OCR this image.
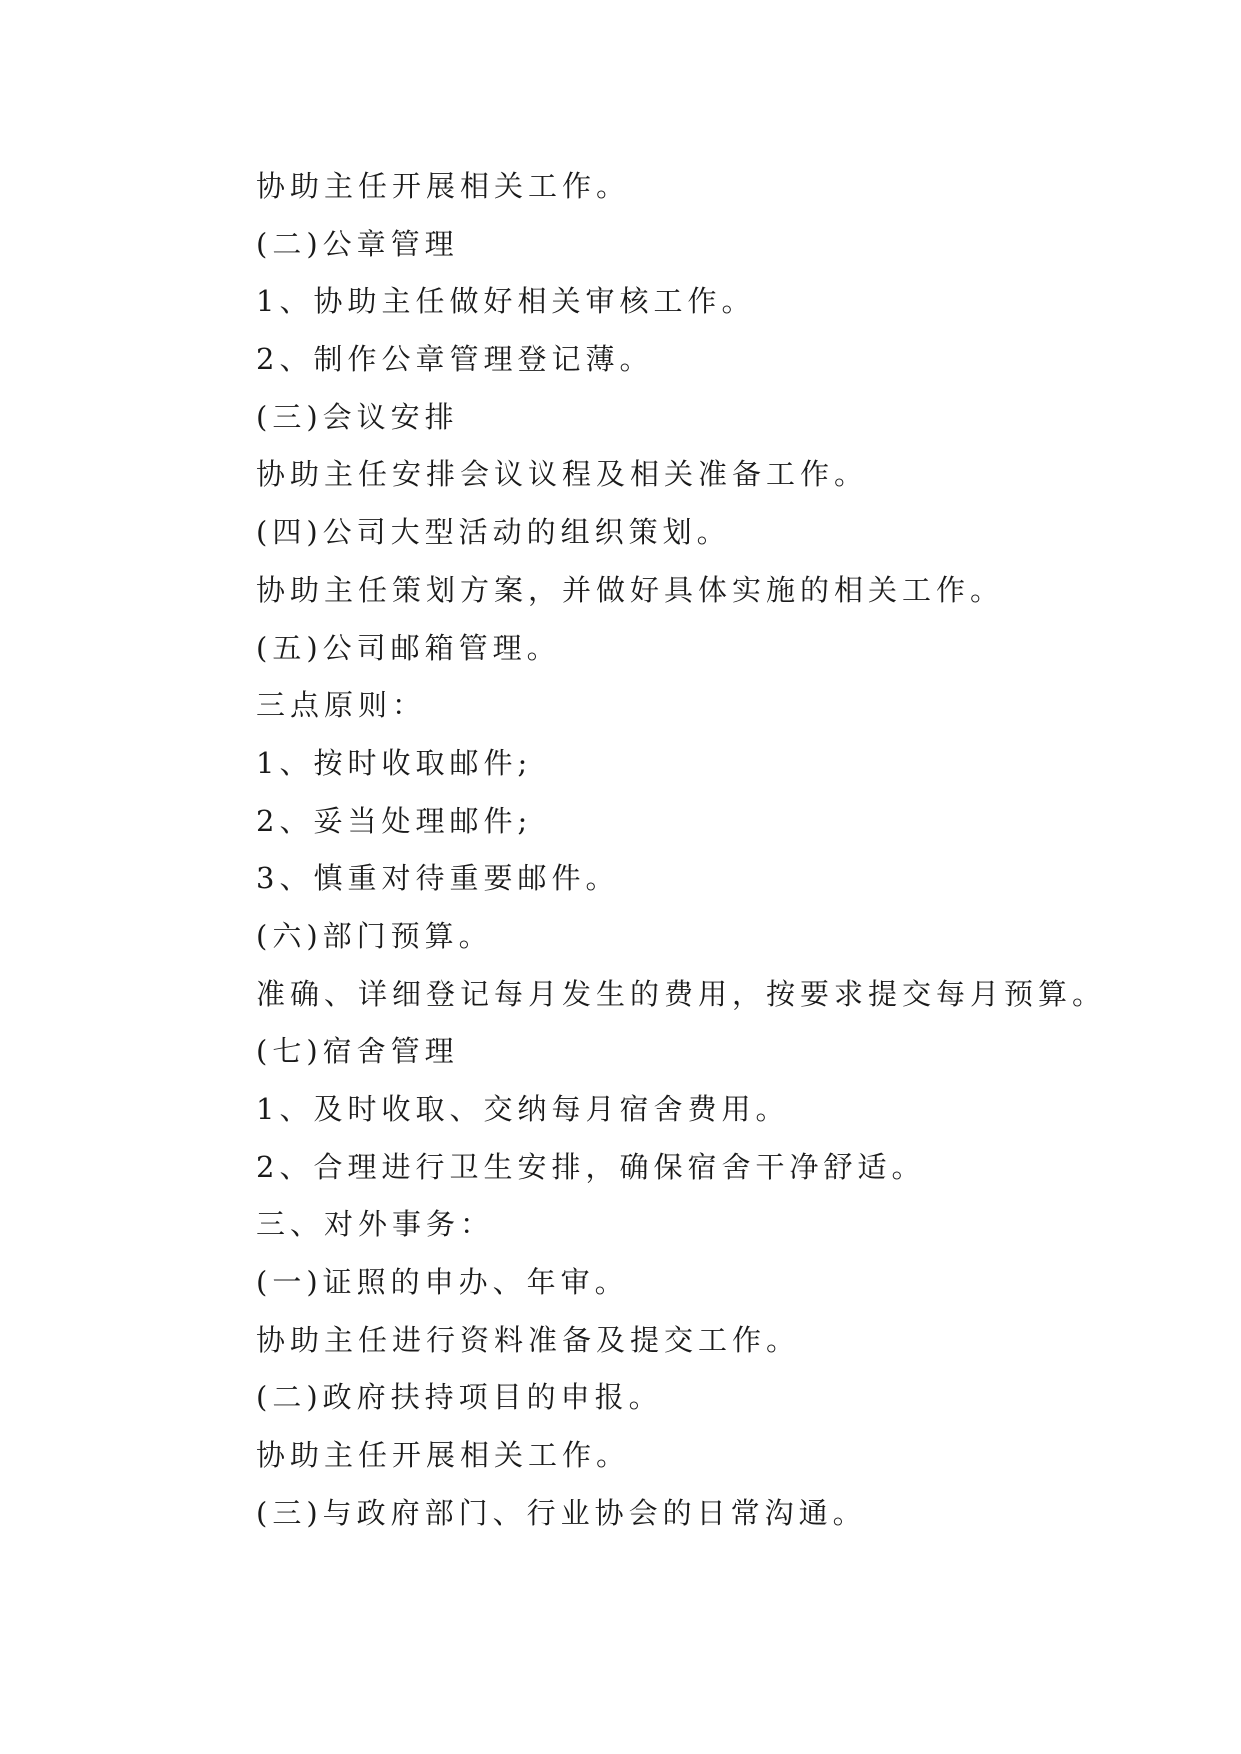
协助主任开展相关工作。
(二)公章管理
1、协助主任做好相关审核工作。
2、制作公章管理登记薄。
(三)会议安排
协助主任安排会议议程及相关准备工作。
(四)公司大型活动的组织策划。
协助主任策划方案，并做好具体实施的相关工作。
(五)公司邮箱管理。
三点原则：
1、按时收取邮件;
2、妥当处理邮件;
3、慎重对待重要邮件。
(六)部门预算。
准确、详细登记每月发生的费用，按要求提交每月预算。
(七)宿舍管理
1、及时收取、交纳每月宿舍费用。
2、合理进行卫生安排，确保宿舍干净舒适。
三、对外事务：
(一)证照的申办、年审。
协助主任进行资料准备及提交工作。
(二)政府扶持项目的申报。
协助主任开展相关工作。
(三)与政府部门、行业协会的日常沟通。
